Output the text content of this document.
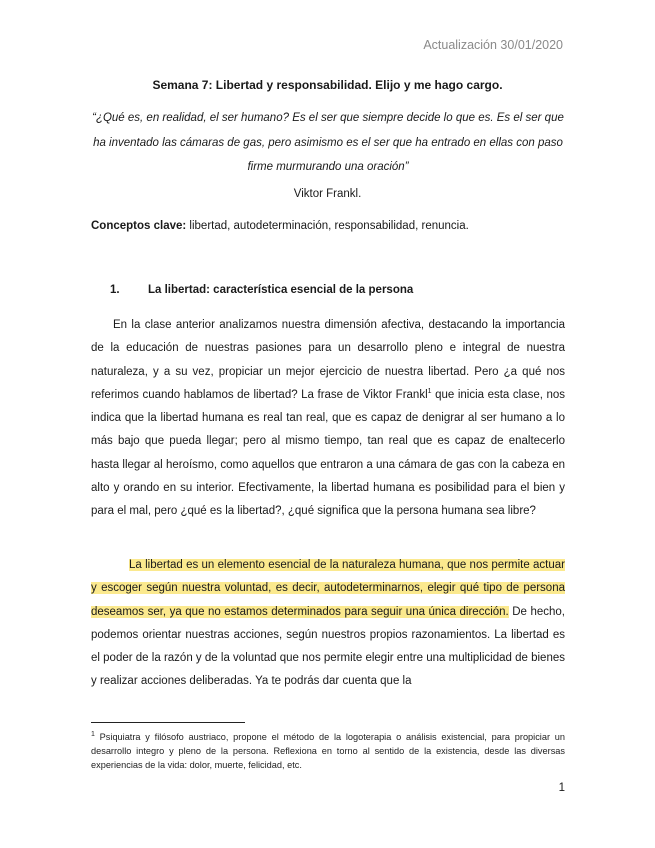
Actualización 30/01/2020
Semana 7: Libertad y responsabilidad. Elijo y me hago cargo.
“¿Qué es, en realidad, el ser humano? Es el ser que siempre decide lo que es. Es el ser que ha inventado las cámaras de gas, pero asimismo es el ser que ha entrado en ellas con paso firme murmurando una oración”
Viktor Frankl.
Conceptos clave: libertad, autodeterminación, responsabilidad, renuncia.
1. La libertad: característica esencial de la persona
En la clase anterior analizamos nuestra dimensión afectiva, destacando la importancia de la educación de nuestras pasiones para un desarrollo pleno e integral de nuestra naturaleza, y a su vez, propiciar un mejor ejercicio de nuestra libertad. Pero ¿a qué nos referimos cuando hablamos de libertad? La frase de Viktor Frankl$^1$ que inicia esta clase, nos indica que la libertad humana es real tan real, que es capaz de denigrar al ser humano a lo más bajo que pueda llegar; pero al mismo tiempo, tan real que es capaz de enaltecerlo hasta llegar al heroísmo, como aquellos que entraron a una cámara de gas con la cabeza en alto y orando en su interior. Efectivamente, la libertad humana es posibilidad para el bien y para el mal, pero ¿qué es la libertad?, ¿qué significa que la persona humana sea libre?
La libertad es un elemento esencial de la naturaleza humana, que nos permite actuar y escoger según nuestra voluntad, es decir, autodeterminarnos, elegir qué tipo de persona deseamos ser, ya que no estamos determinados para seguir una única dirección. De hecho, podemos orientar nuestras acciones, según nuestros propios razonamientos. La libertad es el poder de la razón y de la voluntad que nos permite elegir entre una multiplicidad de bienes y realizar acciones deliberadas. Ya te podrás dar cuenta que la
$^1$ Psiquiatra y filósofo austriaco, propone el método de la logoterapia o análisis existencial, para propiciar un desarrollo integro y pleno de la persona. Reflexiona en torno al sentido de la existencia, desde las diversas experiencias de la vida: dolor, muerte, felicidad, etc.
1
